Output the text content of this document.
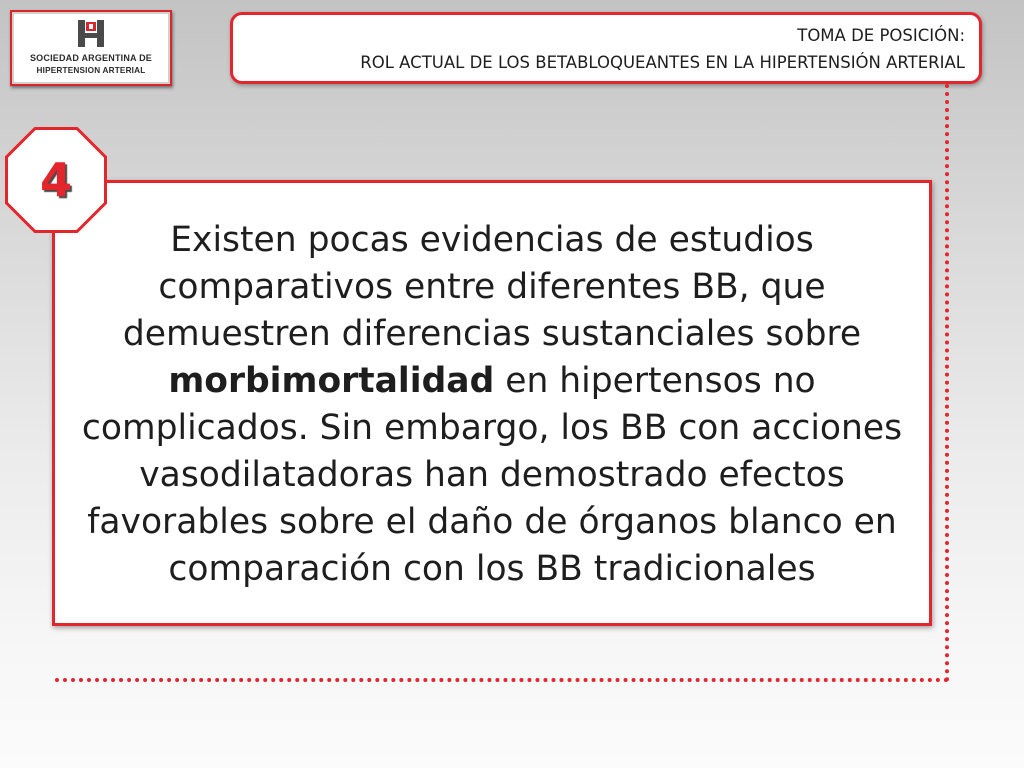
SOCIEDAD ARGENTINA DE
HIPERTENSION ARTERIAL
TOMA DE POSICIÓN:
ROL ACTUAL DE LOS BETABLOQUEANTES EN LA HIPERTENSIÓN ARTERIAL
Existen pocas evidencias de estudios
comparativos entre diferentes BB, que
demuestren diferencias sustanciales sobre
morbimortalidad en hipertensos no
complicados. Sin embargo, los BB con acciones
vasodilatadoras han demostrado efectos
favorables sobre el daño de órganos blanco en
comparación con los BB tradicionales
4
